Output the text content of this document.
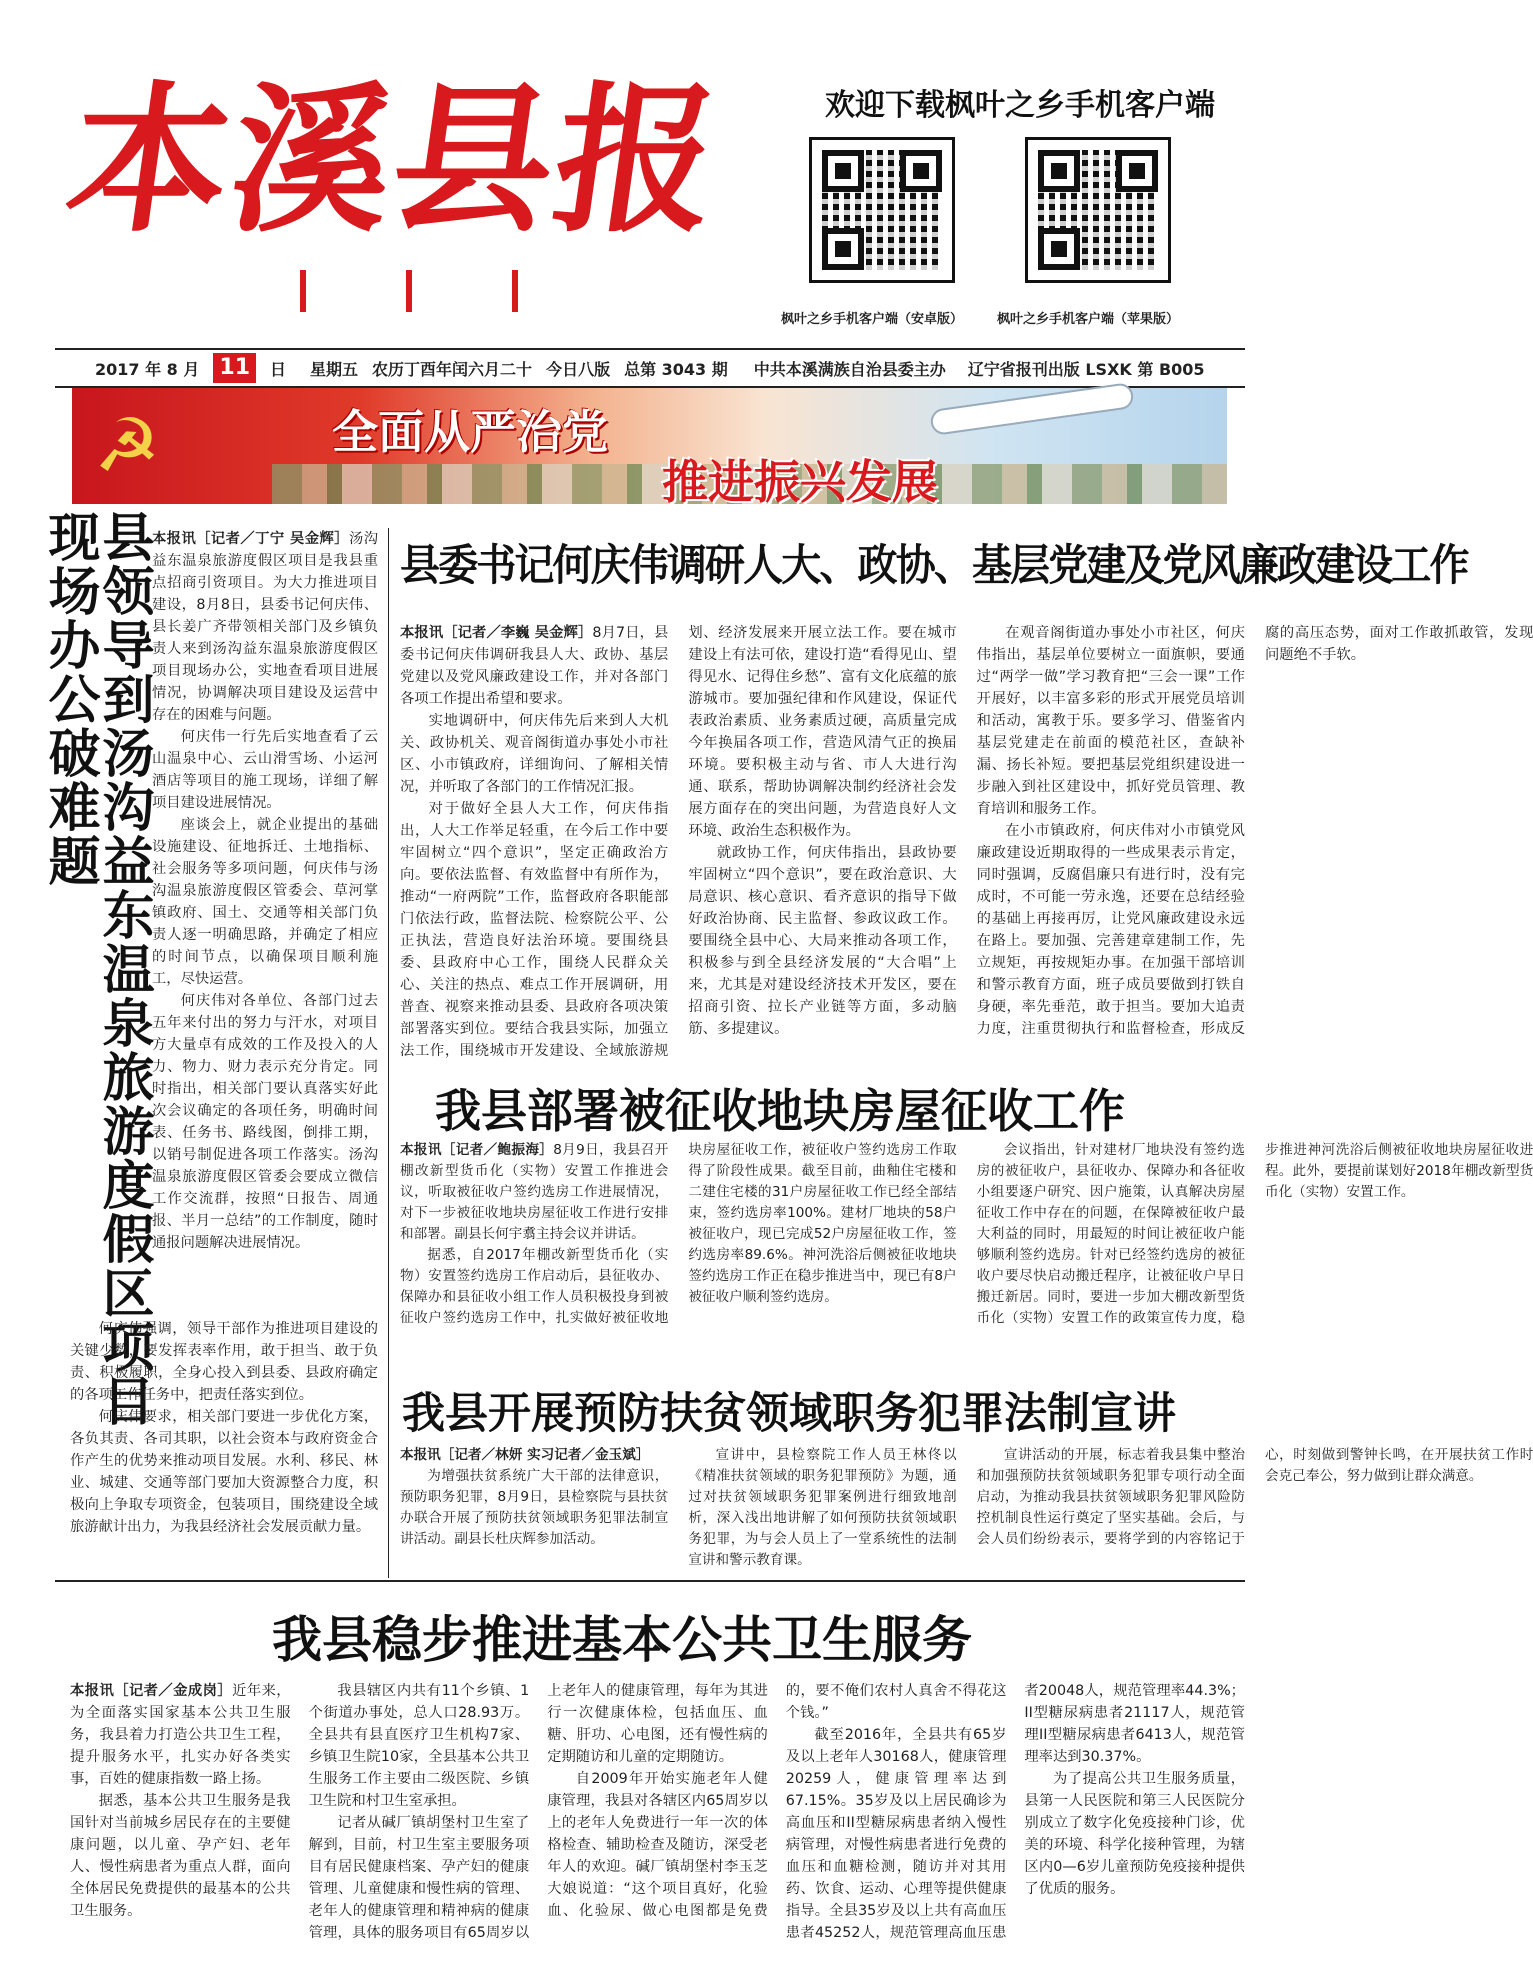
本溪县报	欢迎下载枫叶之乡手机客户端
枫叶之乡手机客户端（安卓版）	枫叶之乡手机客户端（苹果版）
2017 年 8 月 11	日 星期五 农历丁酉年闰六月二十 今日八版 总第 3043 期 中共本溪满族自治县委主办 辽宁省报刊出版 LSXK 第 B005
☭	全面从严治党
推进振兴发展
县领导到汤沟益东温泉旅游度假区项目现场办公破难题	本报讯［记者／丁宁 吴金辉］汤沟益东温泉旅游度假区项目是我县重点招商引资项目。为大力推进项目建设，8月8日，县委书记何庆伟、县长姜广齐带领相关部门及乡镇负责人来到汤沟益东温泉旅游度假区项目现场办公，实地查看项目进展情况，协调解决项目建设及运营中存在的困难与问题。

何庆伟一行先后实地查看了云山温泉中心、云山滑雪场、小运河酒店等项目的施工现场，详细了解项目建设进展情况。

座谈会上，就企业提出的基础设施建设、征地拆迁、土地指标、社会服务等多项问题，何庆伟与汤沟温泉旅游度假区管委会、草河掌镇政府、国土、交通等相关部门负责人逐一明确思路，并确定了相应的时间节点，以确保项目顺利施工，尽快运营。

何庆伟对各单位、各部门过去五年来付出的努力与汗水，对项目方大量卓有成效的工作及投入的人力、物力、财力表示充分肯定。同时指出，相关部门要认真落实好此次会议确定的各项任务，明确时间表、任务书、路线图，倒排工期，以销号制促进各项工作落实。汤沟温泉旅游度假区管委会要成立微信工作交流群，按照“日报告、周通报、半月一总结”的工作制度，随时通报问题解决进展情况。

何庆伟强调，领导干部作为推进项目建设的关键少数，要发挥表率作用，敢于担当、敢于负责、积极履职，全身心投入到县委、县政府确定的各项工作任务中，把责任落实到位。

何庆伟要求，相关部门要进一步优化方案，各负其责、各司其职，以社会资本与政府资金合作产生的优势来推动项目发展。水利、移民、林业、城建、交通等部门要加大资源整合力度，积极向上争取专项资金，包装项目，围绕建设全域旅游献计出力，为我县经济社会发展贡献力量。

县委书记何庆伟调研人大、政协、基层党建及党风廉政建设工作

本报讯［记者／李巍 吴金辉］8月7日，县委书记何庆伟调研我县人大、政协、基层党建以及党风廉政建设工作，并对各部门各项工作提出希望和要求。

实地调研中，何庆伟先后来到人大机关、政协机关、观音阁街道办事处小市社区、小市镇政府，详细询问、了解相关情况，并听取了各部门的工作情况汇报。

对于做好全县人大工作，何庆伟指出，人大工作举足轻重，在今后工作中要牢固树立“四个意识”，坚定正确政治方向。要依法监督、有效监督中有所作为，推动“一府两院”工作，监督政府各职能部门依法行政，监督法院、检察院公平、公正执法，营造良好法治环境。要围绕县委、县政府中心工作，围绕人民群众关心、关注的热点、难点工作开展调研，用普查、视察来推动县委、县政府各项决策部署落实到位。要结合我县实际，加强立法工作，围绕城市开发建设、全域旅游规划、经济发展来开展立法工作。要在城市建设上有法可依，建设打造“看得见山、望得见水、记得住乡愁”、富有文化底蕴的旅游城市。要加强纪律和作风建设，保证代表政治素质、业务素质过硬，高质量完成今年换届各项工作，营造风清气正的换届环境。要积极主动与省、市人大进行沟通、联系，帮助协调解决制约经济社会发展方面存在的突出问题，为营造良好人文环境、政治生态积极作为。

就政协工作，何庆伟指出，县政协要牢固树立“四个意识”，要在政治意识、大局意识、核心意识、看齐意识的指导下做好政治协商、民主监督、参政议政工作。要围绕全县中心、大局来推动各项工作，积极参与到全县经济发展的“大合唱”上来，尤其是对建设经济技术开发区，要在招商引资、拉长产业链等方面，多动脑筋、多提建议。

在观音阁街道办事处小市社区，何庆伟指出，基层单位要树立一面旗帜，要通过“两学一做”学习教育把“三会一课”工作开展好，以丰富多彩的形式开展党员培训和活动，寓教于乐。要多学习、借鉴省内基层党建走在前面的模范社区，查缺补漏、扬长补短。要把基层党组织建设进一步融入到社区建设中，抓好党员管理、教育培训和服务工作。

在小市镇政府，何庆伟对小市镇党风廉政建设近期取得的一些成果表示肯定，同时强调，反腐倡廉只有进行时，没有完成时，不可能一劳永逸，还要在总结经验的基础上再接再厉，让党风廉政建设永远在路上。要加强、完善建章建制工作，先立规矩，再按规矩办事。在加强干部培训和警示教育方面，班子成员要做到打铁自身硬，率先垂范，敢于担当。要加大追责力度，注重贯彻执行和监督检查，形成反腐的高压态势，面对工作敢抓敢管，发现问题绝不手软。

我县部署被征收地块房屋征收工作

本报讯［记者／鲍振海］8月9日，我县召开棚改新型货币化（实物）安置工作推进会议，听取被征收户签约选房工作进展情况，对下一步被征收地块房屋征收工作进行安排和部署。副县长何宇翥主持会议并讲话。

据悉，自2017年棚改新型货币化（实物）安置签约选房工作启动后，县征收办、保障办和县征收小组工作人员积极投身到被征收户签约选房工作中，扎实做好被征收地块房屋征收工作，被征收户签约选房工作取得了阶段性成果。截至目前，曲釉住宅楼和二建住宅楼的31户房屋征收工作已经全部结束，签约选房率100%。建材厂地块的58户被征收户，现已完成52户房屋征收工作，签约选房率89.6%。神河洗浴后侧被征收地块签约选房工作正在稳步推进当中，现已有8户被征收户顺利签约选房。

会议指出，针对建材厂地块没有签约选房的被征收户，县征收办、保障办和各征收小组要逐户研究、因户施策，认真解决房屋征收工作中存在的问题，在保障被征收户最大利益的同时，用最短的时间让被征收户能够顺利签约选房。针对已经签约选房的被征收户要尽快启动搬迁程序，让被征收户早日搬迁新居。同时，要进一步加大棚改新型货币化（实物）安置工作的政策宣传力度，稳步推进神河洗浴后侧被征收地块房屋征收进程。此外，要提前谋划好2018年棚改新型货币化（实物）安置工作。

我县开展预防扶贫领域职务犯罪法制宣讲

本报讯［记者／林妍 实习记者／金玉斌］

为增强扶贫系统广大干部的法律意识，预防职务犯罪，8月9日，县检察院与县扶贫办联合开展了预防扶贫领域职务犯罪法制宣讲活动。副县长杜庆辉参加活动。

宣讲中，县检察院工作人员王林佟以《精准扶贫领域的职务犯罪预防》为题，通过对扶贫领域职务犯罪案例进行细致地剖析，深入浅出地讲解了如何预防扶贫领域职务犯罪，为与会人员上了一堂系统性的法制宣讲和警示教育课。

宣讲活动的开展，标志着我县集中整治和加强预防扶贫领域职务犯罪专项行动全面启动，为推动我县扶贫领域职务犯罪风险防控机制良性运行奠定了坚实基础。会后，与会人员们纷纷表示，要将学到的内容铭记于心，时刻做到警钟长鸣，在开展扶贫工作时会克己奉公，努力做到让群众满意。

我县稳步推进基本公共卫生服务

本报讯［记者／金成岗］近年来，为全面落实国家基本公共卫生服务，我县着力打造公共卫生工程，提升服务水平，扎实办好各类实事，百姓的健康指数一路上扬。

据悉，基本公共卫生服务是我国针对当前城乡居民存在的主要健康问题，以儿童、孕产妇、老年人、慢性病患者为重点人群，面向全体居民免费提供的最基本的公共卫生服务。

我县辖区内共有11个乡镇、1个街道办事处，总人口28.93万。全县共有县直医疗卫生机构7家、乡镇卫生院10家，全县基本公共卫生服务工作主要由二级医院、乡镇卫生院和村卫生室承担。

记者从碱厂镇胡堡村卫生室了解到，目前，村卫生室主要服务项目有居民健康档案、孕产妇的健康管理、儿童健康和慢性病的管理、老年人的健康管理和精神病的健康管理，具体的服务项目有65周岁以上老年人的健康管理，每年为其进行一次健康体检，包括血压、血糖、肝功、心电图，还有慢性病的定期随访和儿童的定期随访。

自2009年开始实施老年人健康管理，我县对各辖区内65周岁以上的老年人免费进行一年一次的体格检查、辅助检查及随访，深受老年人的欢迎。碱厂镇胡堡村李玉芝大娘说道：“这个项目真好，化验血、化验尿、做心电图都是免费的，要不俺们农村人真舍不得花这个钱。”

截至2016年，全县共有65岁及以上老年人30168人，健康管理20259人，健康管理率达到67.15%。35岁及以上居民确诊为高血压和II型糖尿病患者纳入慢性病管理，对慢性病患者进行免费的血压和血糖检测，随访并对其用药、饮食、运动、心理等提供健康指导。全县35岁及以上共有高血压患者45252人，规范管理高血压患者20048人，规范管理率44.3%；II型糖尿病患者21117人，规范管理II型糖尿病患者6413人，规范管理率达到30.37%。

为了提高公共卫生服务质量，县第一人民医院和第三人民医院分别成立了数字化免疫接种门诊，优美的环境、科学化接种管理，为辖区内0—6岁儿童预防免疫接种提供了优质的服务。
